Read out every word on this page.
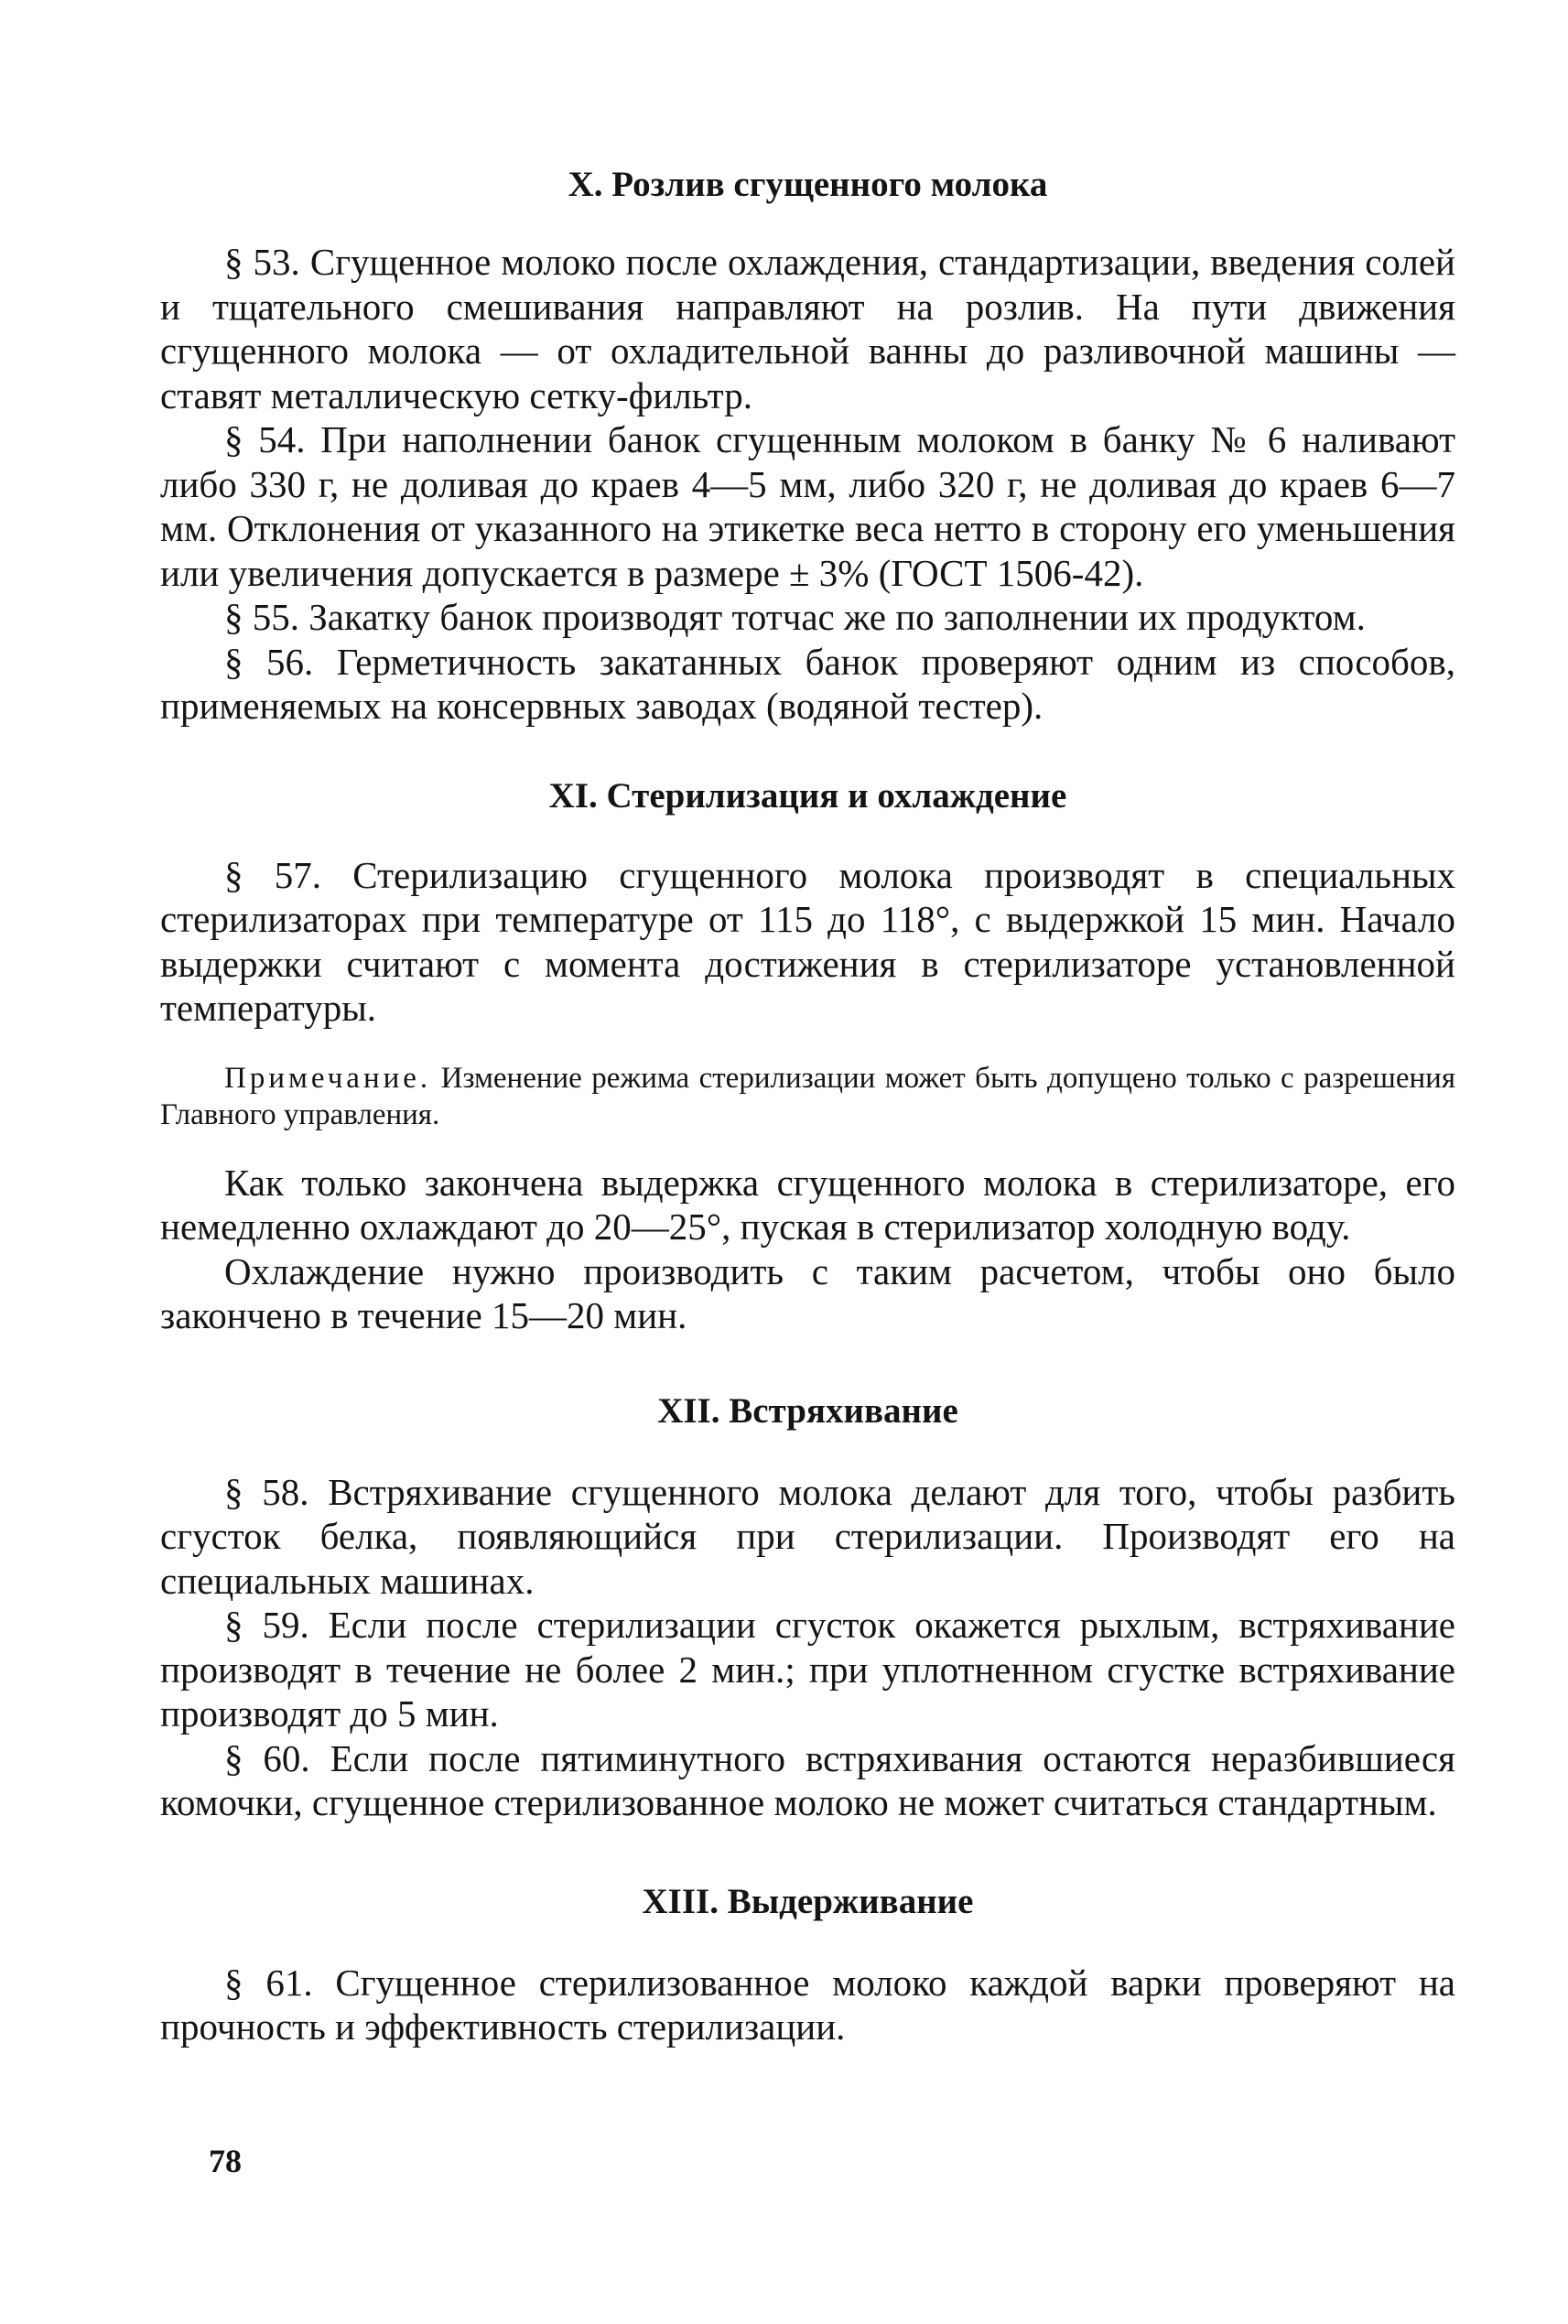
X. Розлив сгущенного молока

§ 53. Сгущенное молоко после охлаждения, стандартизации, введения солей и тщательного смешивания направляют на розлив. На пути движения сгущенного молока — от охладительной ванны до разливочной машины — ставят металлическую сетку-фильтр.

§ 54. При наполнении банок сгущенным молоком в банку № 6 наливают либо 330 г, не доливая до краев 4—5 мм, либо 320 г, не доливая до краев 6—7 мм. Отклонения от указанного на этикетке веса нетто в сторону его уменьшения или увеличения допускается в размере ± 3% (ГОСТ 1506-42).

§ 55. Закатку банок производят тотчас же по заполнении их продуктом.

§ 56. Герметичность закатанных банок проверяют одним из способов, применяемых на консервных заводах (водяной тестер).

XI. Стерилизация и охлаждение

§ 57. Стерилизацию сгущенного молока производят в специальных стерилизаторах при температуре от 115 до 118°, с выдержкой 15 мин. Начало выдержки считают с момента достижения в стерилизаторе установленной температуры.

Примечание. Изменение режима стерилизации может быть допущено только с разрешения Главного управления.

Как только закончена выдержка сгущенного молока в стерилизаторе, его немедленно охлаждают до 20—25°, пуская в стерилизатор холодную воду.

Охлаждение нужно производить с таким расчетом, чтобы оно было закончено в течение 15—20 мин.

XII. Встряхивание

§ 58. Встряхивание сгущенного молока делают для того, чтобы разбить сгусток белка, появляющийся при стерилизации. Производят его на специальных машинах.

§ 59. Если после стерилизации сгусток окажется рыхлым, встряхивание производят в течение не более 2 мин.; при уплотненном сгустке встряхивание производят до 5 мин.

§ 60. Если после пятиминутного встряхивания остаются неразбившиеся комочки, сгущенное стерилизованное молоко не может считаться стандартным.

XIII. Выдерживание

§ 61. Сгущенное стерилизованное молоко каждой варки проверяют на прочность и эффективность стерилизации.

78
